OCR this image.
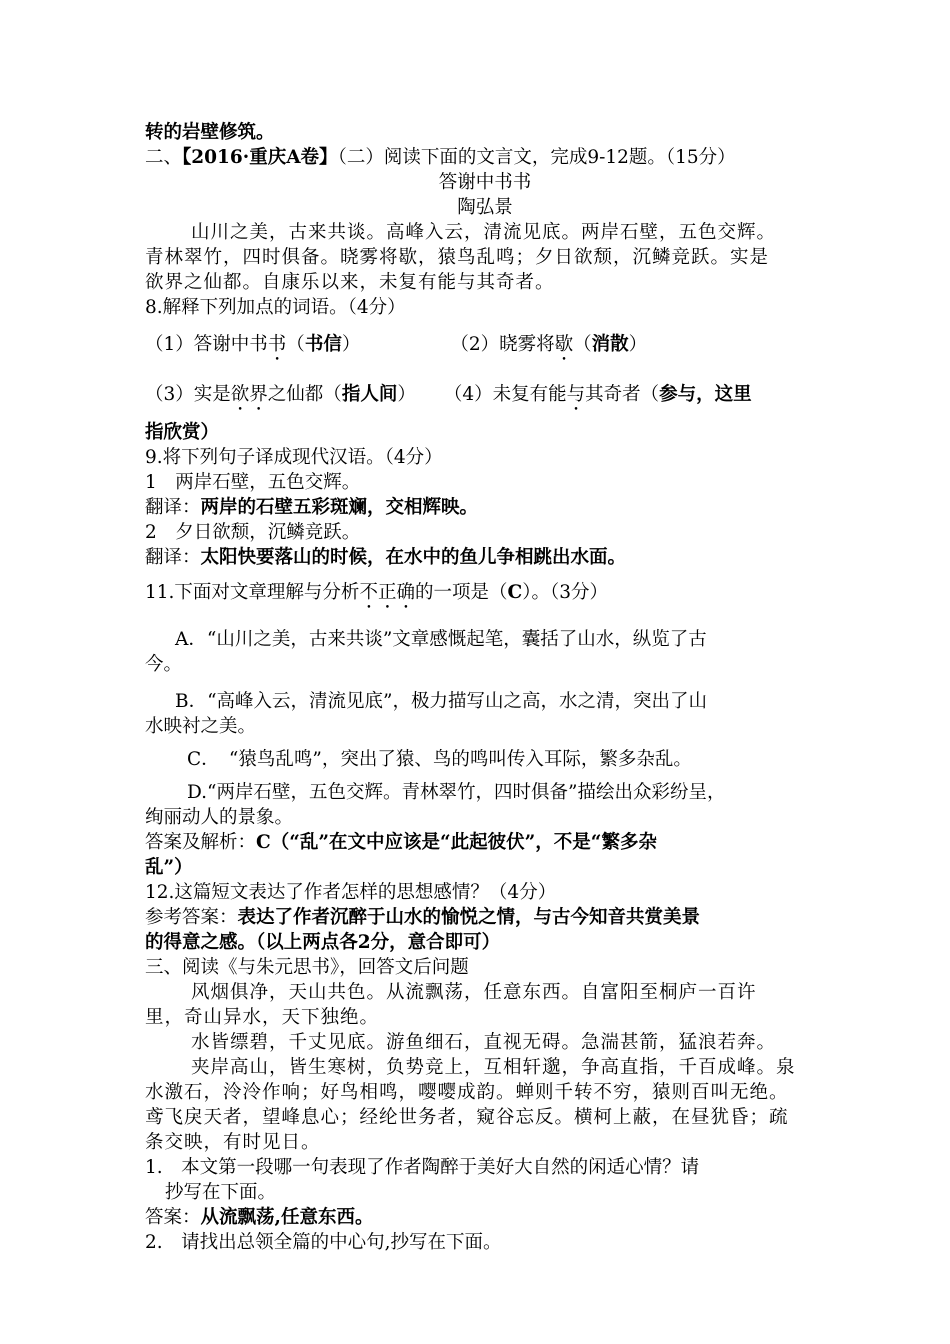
转的岩壁修筑。
二、【2016·重庆A卷】（二）阅读下面的文言文，完成9-12题。（15分）
答谢中书书
陶弘景
山川之美，古来共谈。高峰入云，清流见底。两岸石壁，五色交辉。
青林翠竹，四时俱备。晓雾将歇，猿鸟乱鸣；夕日欲颓，沉鳞竞跃。实是
欲界之仙都。自康乐以来，未复有能与其奇者。
8.解释下列加点的词语。（4分）
（1）答谢中书书（书信）	（2）晓雾将歇（消散）
（3）实是欲界之仙都（指人间） （4）未复有能与其奇者（参与，这里
指欣赏）
9.将下列句子译成现代汉语。（4分）
1　两岸石壁，五色交辉。
翻译：两岸的石壁五彩斑斓，交相辉映。
2　夕日欲颓，沉鳞竞跃。
翻译：太阳快要落山的时候，在水中的鱼儿争相跳出水面。
11.下面对文章理解与分析不正确的一项是（C）。（3分）
A．“山川之美，古来共谈”文章感慨起笔，囊括了山水，纵览了古
今。
B．“高峰入云，清流见底”，极力描写山之高，水之清，突出了山
水映衬之美。
C．　“猿鸟乱鸣”，突出了猿、鸟的鸣叫传入耳际，繁多杂乱。
D.“两岸石壁，五色交辉。青林翠竹，四时俱备”描绘出众彩纷呈，
绚丽动人的景象。
答案及解析：C（“乱”在文中应该是“此起彼伏”，不是“繁多杂
乱”）
12.这篇短文表达了作者怎样的思想感情？（4分）
参考答案：表达了作者沉醉于山水的愉悦之情，与古今知音共赏美景
的得意之感。（以上两点各2分，意合即可）
三、阅读《与朱元思书》，回答文后问题
风烟俱净，天山共色。从流飘荡，任意东西。自富阳至桐庐一百许
里，奇山异水，天下独绝。
水皆缥碧，千丈见底。游鱼细石，直视无碍。急湍甚箭，猛浪若奔。
夹岸高山，皆生寒树，负势竞上，互相轩邈，争高直指，千百成峰。泉
水激石，泠泠作响；好鸟相鸣，嘤嘤成韵。蝉则千转不穷，猿则百叫无绝。
鸢飞戾天者，望峰息心；经纶世务者，窥谷忘反。横柯上蔽，在昼犹昏；疏
条交映，有时见日。
1.　本文第一段哪一句表现了作者陶醉于美好大自然的闲适心情？请
抄写在下面。
答案：从流飘荡,任意东西。
2.　请找出总领全篇的中心句,抄写在下面。
